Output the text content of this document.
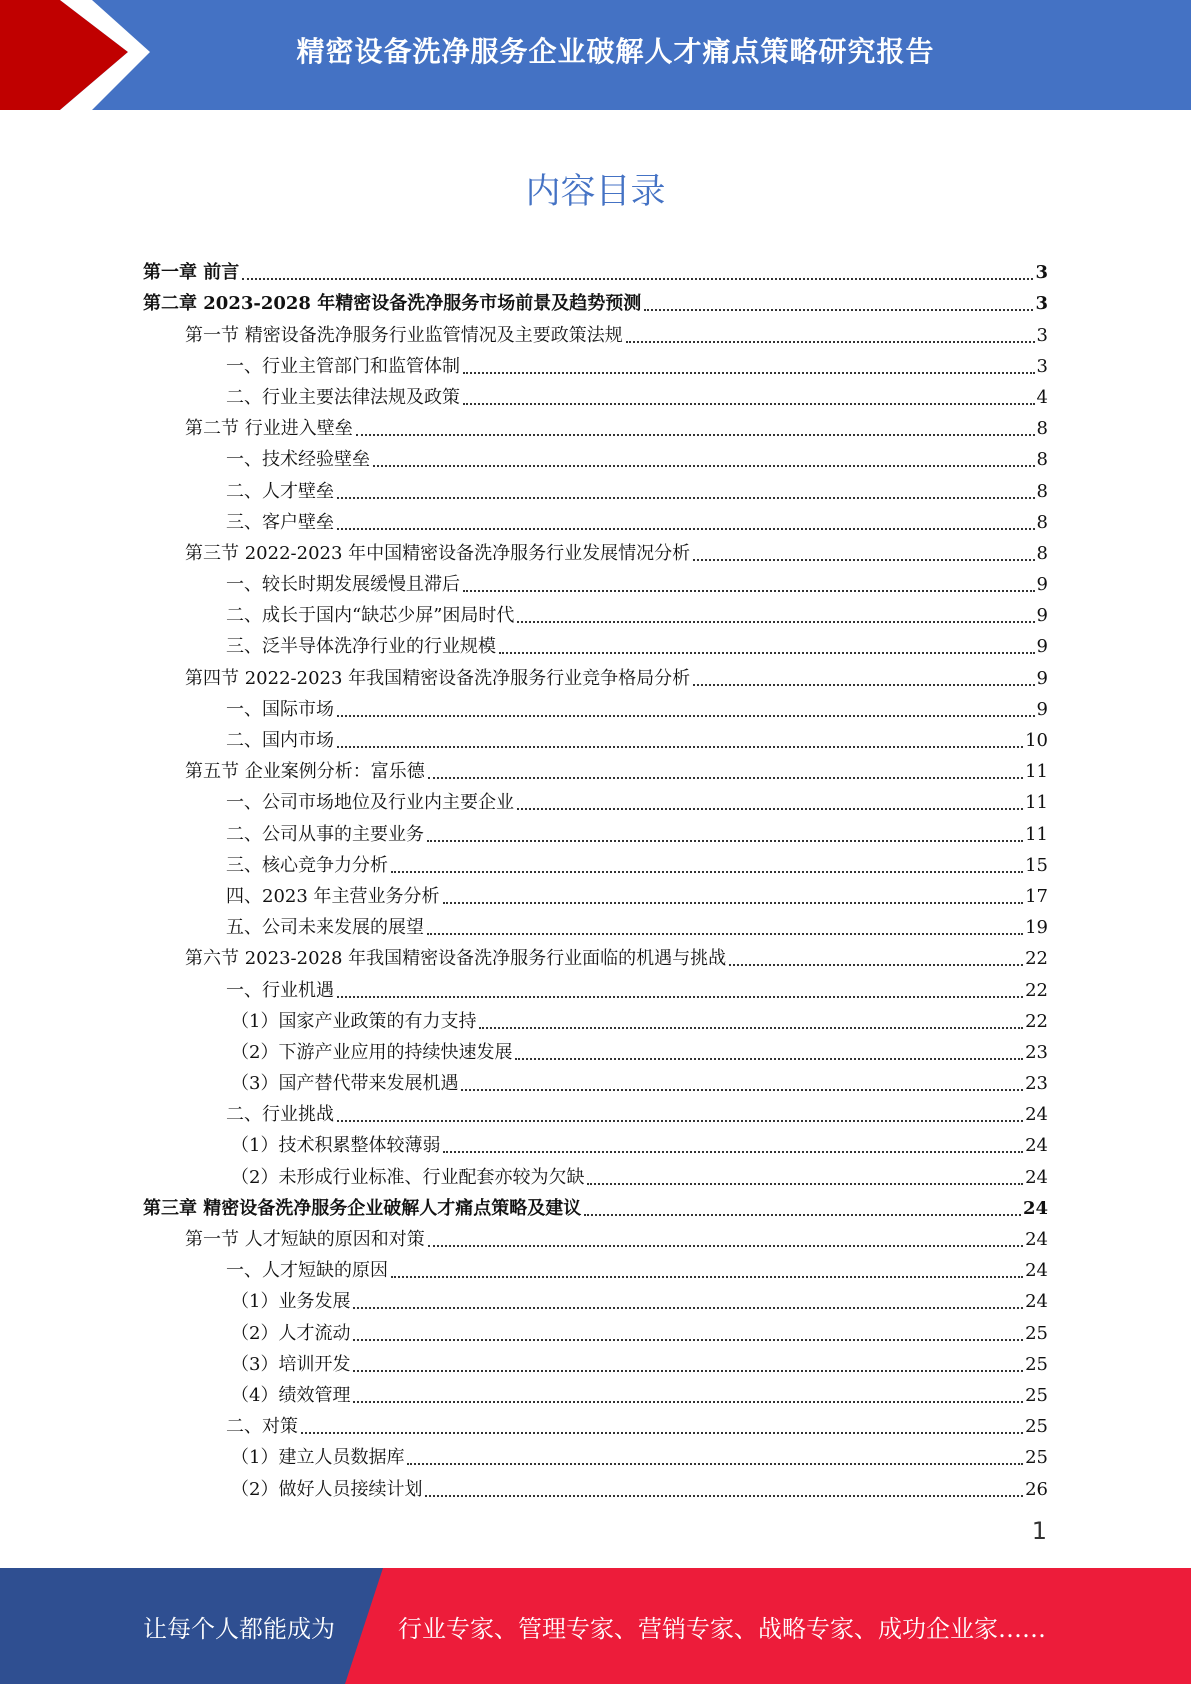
精密设备洗净服务企业破解人才痛点策略研究报告
内容目录
第一章 前言	3
第二章 2023-2028 年精密设备洗净服务市场前景及趋势预测	3
第一节 精密设备洗净服务行业监管情况及主要政策法规	3
一、行业主管部门和监管体制	3
二、行业主要法律法规及政策	4
第二节 行业进入壁垒	8
一、技术经验壁垒	8
二、人才壁垒	8
三、客户壁垒	8
第三节 2022-2023 年中国精密设备洗净服务行业发展情况分析	8
一、较长时期发展缓慢且滞后	9
二、成长于国内“缺芯少屏”困局时代	9
三、泛半导体洗净行业的行业规模	9
第四节 2022-2023 年我国精密设备洗净服务行业竞争格局分析	9
一、国际市场	9
二、国内市场	10
第五节 企业案例分析：富乐德	11
一、公司市场地位及行业内主要企业	11
二、公司从事的主要业务	11
三、核心竞争力分析	15
四、2023 年主营业务分析	17
五、公司未来发展的展望	19
第六节 2023-2028 年我国精密设备洗净服务行业面临的机遇与挑战	22
一、行业机遇	22
（1）国家产业政策的有力支持	22
（2）下游产业应用的持续快速发展	23
（3）国产替代带来发展机遇	23
二、行业挑战	24
（1）技术积累整体较薄弱	24
（2）未形成行业标准、行业配套亦较为欠缺	24
第三章 精密设备洗净服务企业破解人才痛点策略及建议	24
第一节 人才短缺的原因和对策	24
一、人才短缺的原因	24
（1）业务发展	24
（2）人才流动	25
（3）培训开发	25
（4）绩效管理	25
二、对策	25
（1）建立人员数据库	25
（2）做好人员接续计划	26
1
让每个人都能成为	行业专家、管理专家、营销专家、战略专家、成功企业家……
